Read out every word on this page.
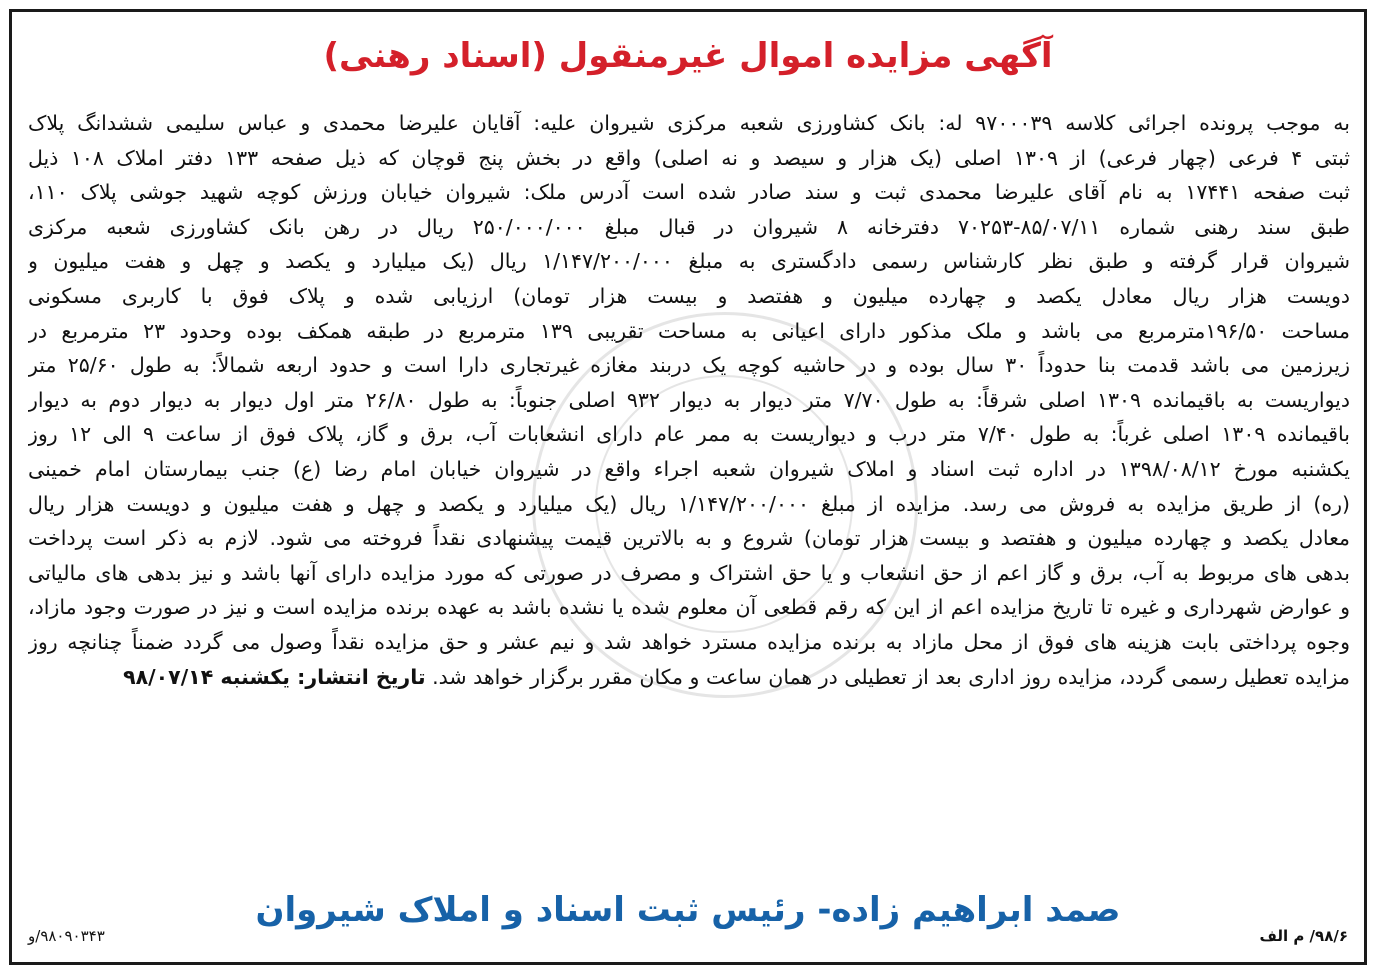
آگهی مزایده اموال غیرمنقول (اسناد رهنی)
به موجب پرونده اجرائی کلاسه ۹۷۰۰۰۳۹ له: بانک کشاورزی شعبه مرکزی شیروان علیه: آقایان علیرضا محمدی و عباس سلیمی ششدانگ پلاک
ثبتی ۴ فرعی (چهار فرعی) از ۱۳۰۹ اصلی (یک هزار و سیصد و نه اصلی) واقع در بخش پنج قوچان که ذیل صفحه ۱۳۳ دفتر املاک ۱۰۸ ذیل
ثبت صفحه ۱۷۴۴۱ به نام آقای علیرضا محمدی ثبت و سند صادر شده است آدرس ملک: شیروان خیابان ورزش کوچه شهید جوشی پلاک ۱۱۰،
طبق سند رهنی شماره ۸۵/۰۷/۱۱-۷۰۲۵۳ دفترخانه ۸ شیروان در قبال مبلغ ۲۵۰/۰۰۰/۰۰۰ ریال در رهن بانک کشاورزی شعبه مرکزی
شیروان قرار گرفته و طبق نظر کارشناس رسمی دادگستری به مبلغ ۱/۱۴۷/۲۰۰/۰۰۰ ریال (یک میلیارد و یکصد و چهل و هفت میلیون و
دویست هزار ریال معادل یکصد و چهارده میلیون و هفتصد و بیست هزار تومان) ارزیابی شده و پلاک فوق با کاربری مسکونی
مساحت ۱۹۶/۵۰مترمربع می باشد و ملک مذکور دارای اعیانی به مساحت تقریبی ۱۳۹ مترمربع در طبقه همکف بوده وحدود ۲۳ مترمربع در
زیرزمین می باشد قدمت بنا حدوداً ۳۰ سال بوده و در حاشیه کوچه یک دربند مغازه غیرتجاری دارا است و حدود اربعه شمالاً: به طول ۲۵/۶۰ متر
دیواریست به باقیمانده ۱۳۰۹ اصلی شرقاً: به طول ۷/۷۰ متر دیوار به دیوار ۹۳۲ اصلی جنوباً: به طول ۲۶/۸۰ متر اول دیوار به دیوار دوم به دیوار
باقیمانده ۱۳۰۹ اصلی غرباً: به طول ۷/۴۰ متر درب و دیواریست به ممر عام دارای انشعابات آب، برق و گاز، پلاک فوق از ساعت ۹ الی ۱۲ روز
یکشنبه مورخ ۱۳۹۸/۰۸/۱۲ در اداره ثبت اسناد و املاک شیروان شعبه اجراء واقع در شیروان خیابان امام رضا (ع) جنب بیمارستان امام خمینی
(ره) از طریق مزایده به فروش می رسد. مزایده از مبلغ ۱/۱۴۷/۲۰۰/۰۰۰ ریال (یک میلیارد و یکصد و چهل و هفت میلیون و دویست هزار ریال
معادل یکصد و چهارده میلیون و هفتصد و بیست هزار تومان) شروع و به بالاترین قیمت پیشنهادی نقداً فروخته می شود. لازم به ذکر است پرداخت
بدهی های مربوط به آب، برق و گاز اعم از حق انشعاب و یا حق اشتراک و مصرف در صورتی که مورد مزایده دارای آنها باشد و نیز بدهی های مالیاتی
و عوارض شهرداری و غیره تا تاریخ مزایده اعم از این که رقم قطعی آن معلوم شده یا نشده باشد به عهده برنده مزایده است و نیز در صورت وجود مازاد،
وجوه پرداختی بابت هزینه های فوق از محل مازاد به برنده مزایده مسترد خواهد شد و نیم عشر و حق مزایده نقداً وصول می گردد ضمناً چنانچه روز
مزایده تعطیل رسمی گردد، مزایده روز اداری بعد از تعطیلی در همان ساعت و مکان مقرر برگزار خواهد شد. تاریخ انتشار: یکشنبه ۹۸/۰۷/۱۴
صمد ابراهیم زاده- رئیس ثبت اسناد و املاک شیروان
۹۸/۶/ م الف
۹۸۰۹۰۳۴۳/و
